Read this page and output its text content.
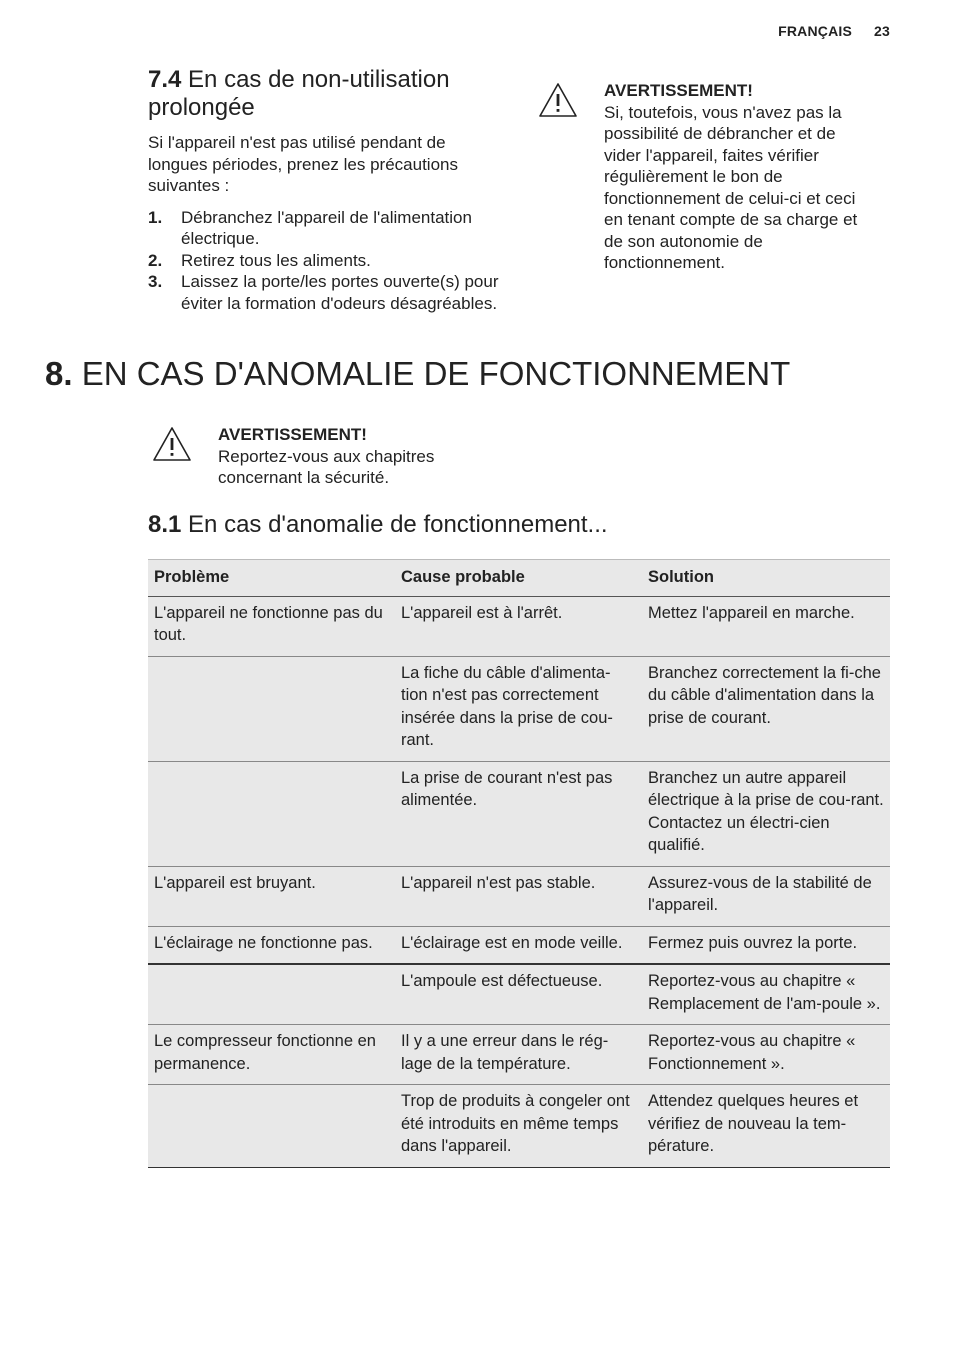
FRANÇAIS 23
7.4 En cas de non-utilisation prolongée

Si l'appareil n'est pas utilisé pendant de longues périodes, prenez les précautions suivantes :

1. Débranchez l'appareil de l'alimentation électrique.
2. Retirez tous les aliments.
3. Laissez la porte/les portes ouverte(s) pour éviter la formation d'odeurs désagréables.
AVERTISSEMENT!
Si, toutefois, vous n'avez pas la possibilité de débrancher et de vider l'appareil, faites vérifier régulièrement le bon de fonctionnement de celui-ci et ceci en tenant compte de sa charge et de son autonomie de fonctionnement.
8. EN CAS D'ANOMALIE DE FONCTIONNEMENT
AVERTISSEMENT!
Reportez-vous aux chapitres concernant la sécurité.
8.1 En cas d'anomalie de fonctionnement...
Problème	Cause probable	Solution
L'appareil ne fonctionne pas du tout.	L'appareil est à l'arrêt.	Mettez l'appareil en marche.
	La fiche du câble d'alimenta-tion n'est pas correctement insérée dans la prise de cou-rant.	Branchez correctement la fi-che du câble d'alimentation dans la prise de courant.
	La prise de courant n'est pas alimentée.	Branchez un autre appareil électrique à la prise de cou-rant. Contactez un électri-cien qualifié.
L'appareil est bruyant.	L'appareil n'est pas stable.	Assurez-vous de la stabilité de l'appareil.
L'éclairage ne fonctionne pas.	L'éclairage est en mode veille.	Fermez puis ouvrez la porte.
	L'ampoule est défectueuse.	Reportez-vous au chapitre « Remplacement de l'am-poule ».
Le compresseur fonctionne en permanence.	Il y a une erreur dans le rég-lage de la température.	Reportez-vous au chapitre « Fonctionnement ».
	Trop de produits à congeler ont été introduits en même temps dans l'appareil.	Attendez quelques heures et vérifiez de nouveau la tem-pérature.
